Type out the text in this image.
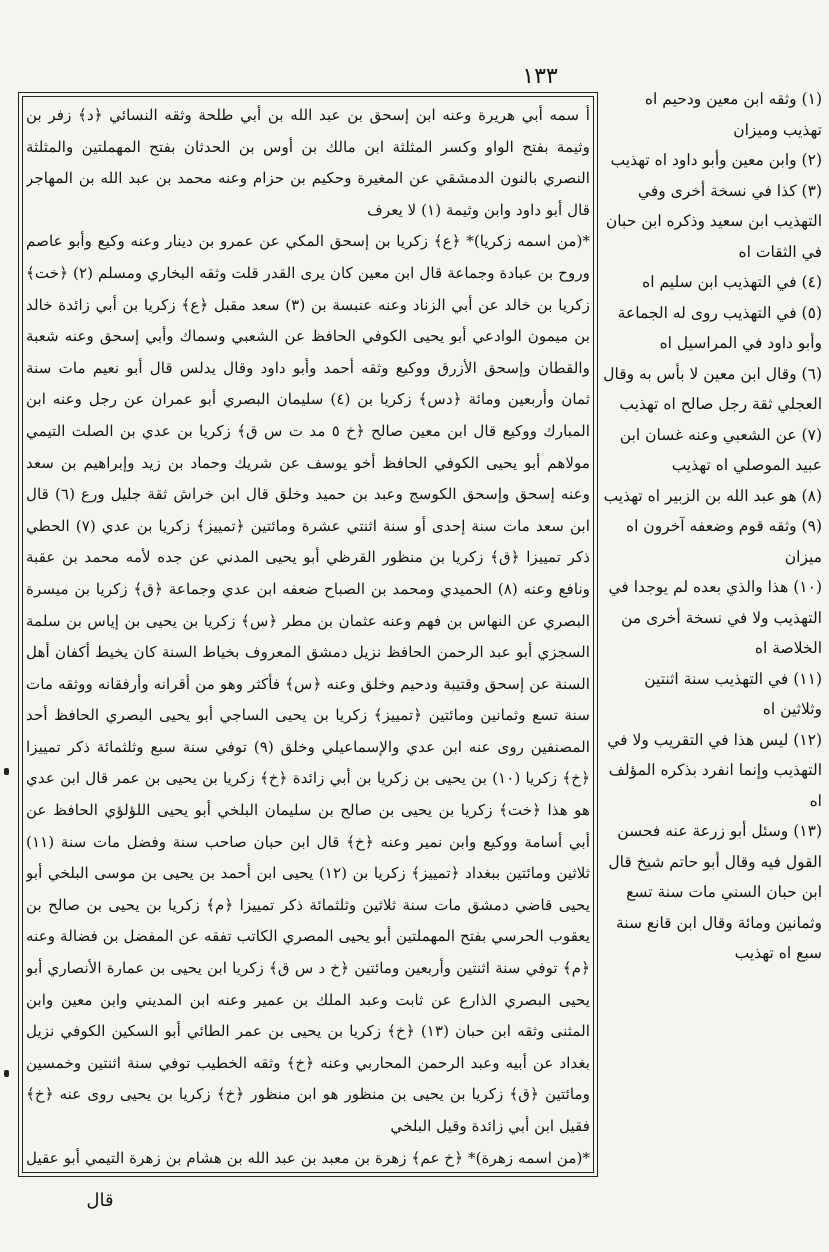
١٣٣

أ سمه أبي هريرة وعنه ابن إسحق بن عبد الله بن أبي طلحة وثقه النسائي ﴿د﴾ زفر بن وثيمة بفتح الواو وكسر المثلثة ابن مالك بن أوس بن الحدثان بفتح المهملتين والمثلثة النصري بالنون الدمشقي عن المغيرة وحكيم بن حزام وعنه محمد بن عبد الله بن المهاجر قال أبو داود وابن وثيمة (١) لا يعرف

*(من اسمه زكريا)* ﴿ع﴾ زكريا بن إسحق المكي عن عمرو بن دينار وعنه وكيع وأبو عاصم وروح بن عبادة وجماعة قال ابن معين كان يرى القدر قلت وثقه البخاري ومسلم (٢) ﴿خت﴾ زكريا بن خالد عن أبي الزناد وعنه عنبسة بن (٣) سعد مقبل ﴿ع﴾ زكريا بن أبي زائدة خالد بن ميمون الوادعي أبو يحيى الكوفي الحافظ عن الشعبي وسماك وأبي إسحق وعنه شعبة والقطان وإسحق الأزرق ووكيع وثقه أحمد وأبو داود وقال يدلس قال أبو نعيم مات سنة ثمان وأربعين ومائة ﴿دس﴾ زكريا بن (٤) سليمان البصري أبو عمران عن رجل وعنه ابن المبارك ووكيع قال ابن معين صالح ﴿خ ٥ مد ت س ق﴾ زكريا بن عدي بن الصلت التيمي مولاهم أبو يحيى الكوفي الحافظ أخو يوسف عن شريك وحماد بن زيد وإبراهيم بن سعد وعنه إسحق وإسحق الكوسج وعبد بن حميد وخلق قال ابن خراش ثقة جليل ورع (٦) قال ابن سعد مات سنة إحدى أو سنة اثنتي عشرة ومائتين ﴿تمييز﴾ زكريا بن عدي (٧) الحطي ذكر تمييزا ﴿ق﴾ زكريا بن منظور القرظي أبو يحيى المدني عن جده لأمه محمد بن عقبة ونافع وعنه (٨) الحميدي ومحمد بن الصباح ضعفه ابن عدي وجماعة ﴿ق﴾ زكريا بن ميسرة البصري عن النهاس بن فهم وعنه عثمان بن مطر ﴿س﴾ زكريا بن يحيى بن إياس بن سلمة السجزي أبو عبد الرحمن الحافظ نزيل دمشق المعروف بخياط السنة كان يخيط أكفان أهل السنة عن إسحق وقتيبة ودحيم وخلق وعنه ﴿س﴾ فأكثر وهو من أقرانه وأرفقانه ووثقه مات سنة تسع وثمانين ومائتين ﴿تمييز﴾ زكريا بن يحيى الساجي أبو يحيى البصري الحافظ أحد المصنفين روى عنه ابن عدي والإسماعيلي وخلق (٩) توفي سنة سبع وثلثمائة ذكر تمييزا ﴿خ﴾ زكريا (١٠) بن يحيى بن زكريا بن أبي زائدة ﴿خ﴾ زكريا بن يحيى بن عمر قال ابن عدي هو هذا ﴿خت﴾ زكريا بن يحيى بن صالح بن سليمان البلخي أبو يحيى اللؤلؤي الحافظ عن أبي أسامة ووكيع وابن نمير وعنه ﴿خ﴾ قال ابن حبان صاحب سنة وفضل مات سنة (١١) ثلاثين ومائتين ببغداد ﴿تمييز﴾ زكريا بن (١٢) يحيى ابن أحمد بن يحيى بن موسى البلخي أبو يحيى قاضي دمشق مات سنة ثلاثين وثلثمائة ذكر تمييزا ﴿م﴾ زكريا بن يحيى بن صالح بن يعقوب الحرسي بفتح المهملتين أبو يحيى المصري الكاتب تفقه عن المفضل بن فضالة وعنه ﴿م﴾ توفي سنة اثنتين وأربعين ومائتين ﴿خ د س ق﴾ زكريا ابن يحيى بن عمارة الأنصاري أبو يحيى البصري الذارع عن ثابت وعبد الملك بن عمير وعنه ابن المديني وابن معين وابن المثنى وثقه ابن حبان (١٣) ﴿خ﴾ زكريا بن يحيى بن عمر الطائي أبو السكين الكوفي نزيل بغداد عن أبيه وعبد الرحمن المحاربي وعنه ﴿خ﴾ وثقه الخطيب توفي سنة اثنتين وخمسين ومائتين ﴿ق﴾ زكريا بن يحيى بن منظور هو ابن منظور ﴿خ﴾ زكريا بن يحيى روى عنه ﴿خ﴾ فقيل ابن أبي زائدة وقيل البلخي

*(من اسمه زهرة)* ﴿خ عم﴾ زهرة بن معبد بن عبد الله بن هشام بن زهرة التيمي أبو عقيل

(١) وثقه ابن معين ودحيم اه تهذيب وميزان

(٢) وابن معين وأبو داود اه تهذيب

(٣) كذا في نسخة أخرى وفي التهذيب ابن سعيد وذكره ابن حبان في الثقات اه

(٤) في التهذيب ابن سليم اه

(٥) في التهذيب روى له الجماعة وأبو داود في المراسيل اه

(٦) وقال ابن معين لا بأس به وقال العجلي ثقة رجل صالح اه تهذيب

(٧) عن الشعبي وعنه غسان ابن عبيد الموصلي اه تهذيب

(٨) هو عبد الله بن الزبير اه تهذيب

(٩) وثقه قوم وضعفه آخرون اه ميزان

(١٠) هذا والذي بعده لم يوجدا في التهذيب ولا في نسخة أخرى من الخلاصة اه

(١١) في التهذيب سنة اثنتين وثلاثين اه

(١٢) ليس هذا في التقريب ولا في التهذيب وإنما انفرد بذكره المؤلف اه

(١٣) وسئل أبو زرعة عنه فحسن القول فيه وقال أبو حاتم شيخ قال ابن حبان السني مات سنة تسع وثمانين ومائة وقال ابن قانع سنة سبع اه تهذيب

قال
